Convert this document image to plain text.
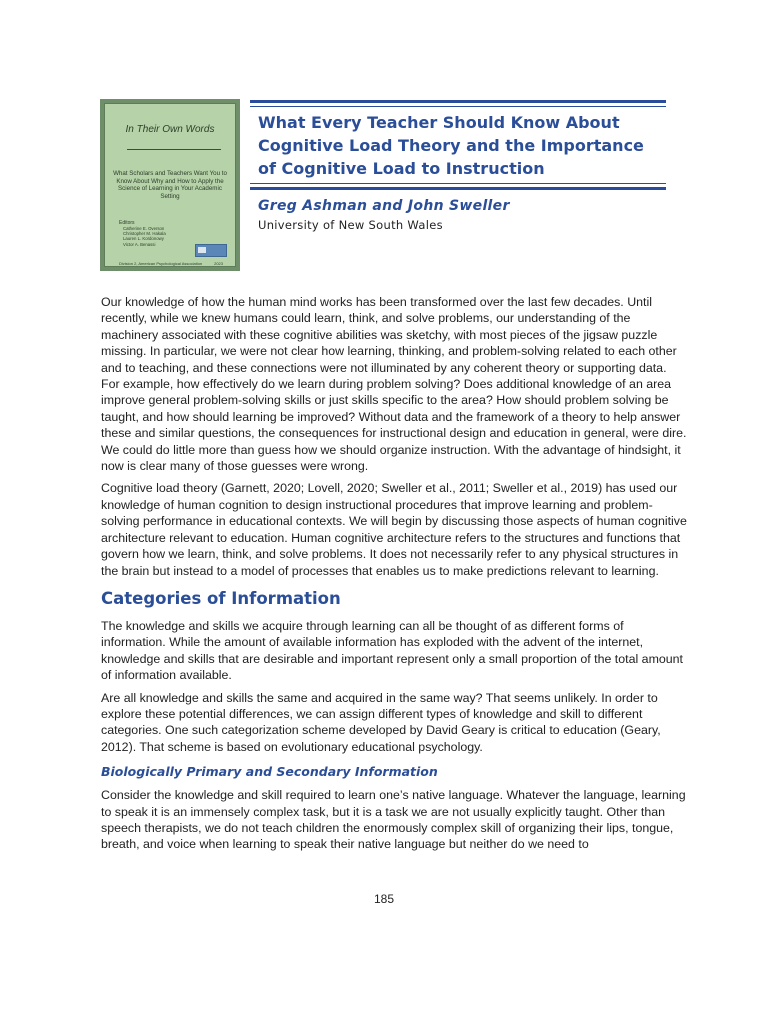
In Their Own Words
What Scholars and Teachers Want You to Know About Why and How to Apply the Science of Learning in Your Academic Setting
Editors
Catherine E. Overson
Christopher M. Hakala
Lauren L. Kordonowy
Victor A. Benassi
Division 2, American Psychological Association	2023
What Every Teacher Should Know About Cognitive Load Theory and the Importance of Cognitive Load to Instruction

Greg Ashman and John Sweller

University of New South Wales

Our knowledge of how the human mind works has been transformed over the last few decades. Until recently, while we knew humans could learn, think, and solve problems, our understanding of the machinery associated with these cognitive abilities was sketchy, with most pieces of the jigsaw puzzle missing. In particular, we were not clear how learning, thinking, and problem-solving related to each other and to teaching, and these connections were not illuminated by any coherent theory or supporting data. For example, how effectively do we learn during problem solving? Does additional knowledge of an area improve general problem-solving skills or just skills specific to the area? How should problem solving be taught, and how should learning be improved? Without data and the framework of a theory to help answer these and similar questions, the consequences for instructional design and education in general, were dire. We could do little more than guess how we should organize instruction. With the advantage of hindsight, it now is clear many of those guesses were wrong.

Cognitive load theory (Garnett, 2020; Lovell, 2020; Sweller et al., 2011; Sweller et al., 2019) has used our knowledge of human cognition to design instructional procedures that improve learning and problem-solving performance in educational contexts. We will begin by discussing those aspects of human cognitive architecture relevant to education. Human cognitive architecture refers to the structures and functions that govern how we learn, think, and solve problems. It does not necessarily refer to any physical structures in the brain but instead to a model of processes that enables us to make predictions relevant to learning.

Categories of Information

The knowledge and skills we acquire through learning can all be thought of as different forms of information. While the amount of available information has exploded with the advent of the internet, knowledge and skills that are desirable and important represent only a small proportion of the total amount of information available.

Are all knowledge and skills the same and acquired in the same way? That seems unlikely. In order to explore these potential differences, we can assign different types of knowledge and skill to different categories. One such categorization scheme developed by David Geary is critical to education (Geary, 2012). That scheme is based on evolutionary educational psychology.

Biologically Primary and Secondary Information

Consider the knowledge and skill required to learn one’s native language. Whatever the language, learning to speak it is an immensely complex task, but it is a task we are not usually explicitly taught. Other than speech therapists, we do not teach children the enormously complex skill of organizing their lips, tongue, breath, and voice when learning to speak their native language but neither do we need to

185
